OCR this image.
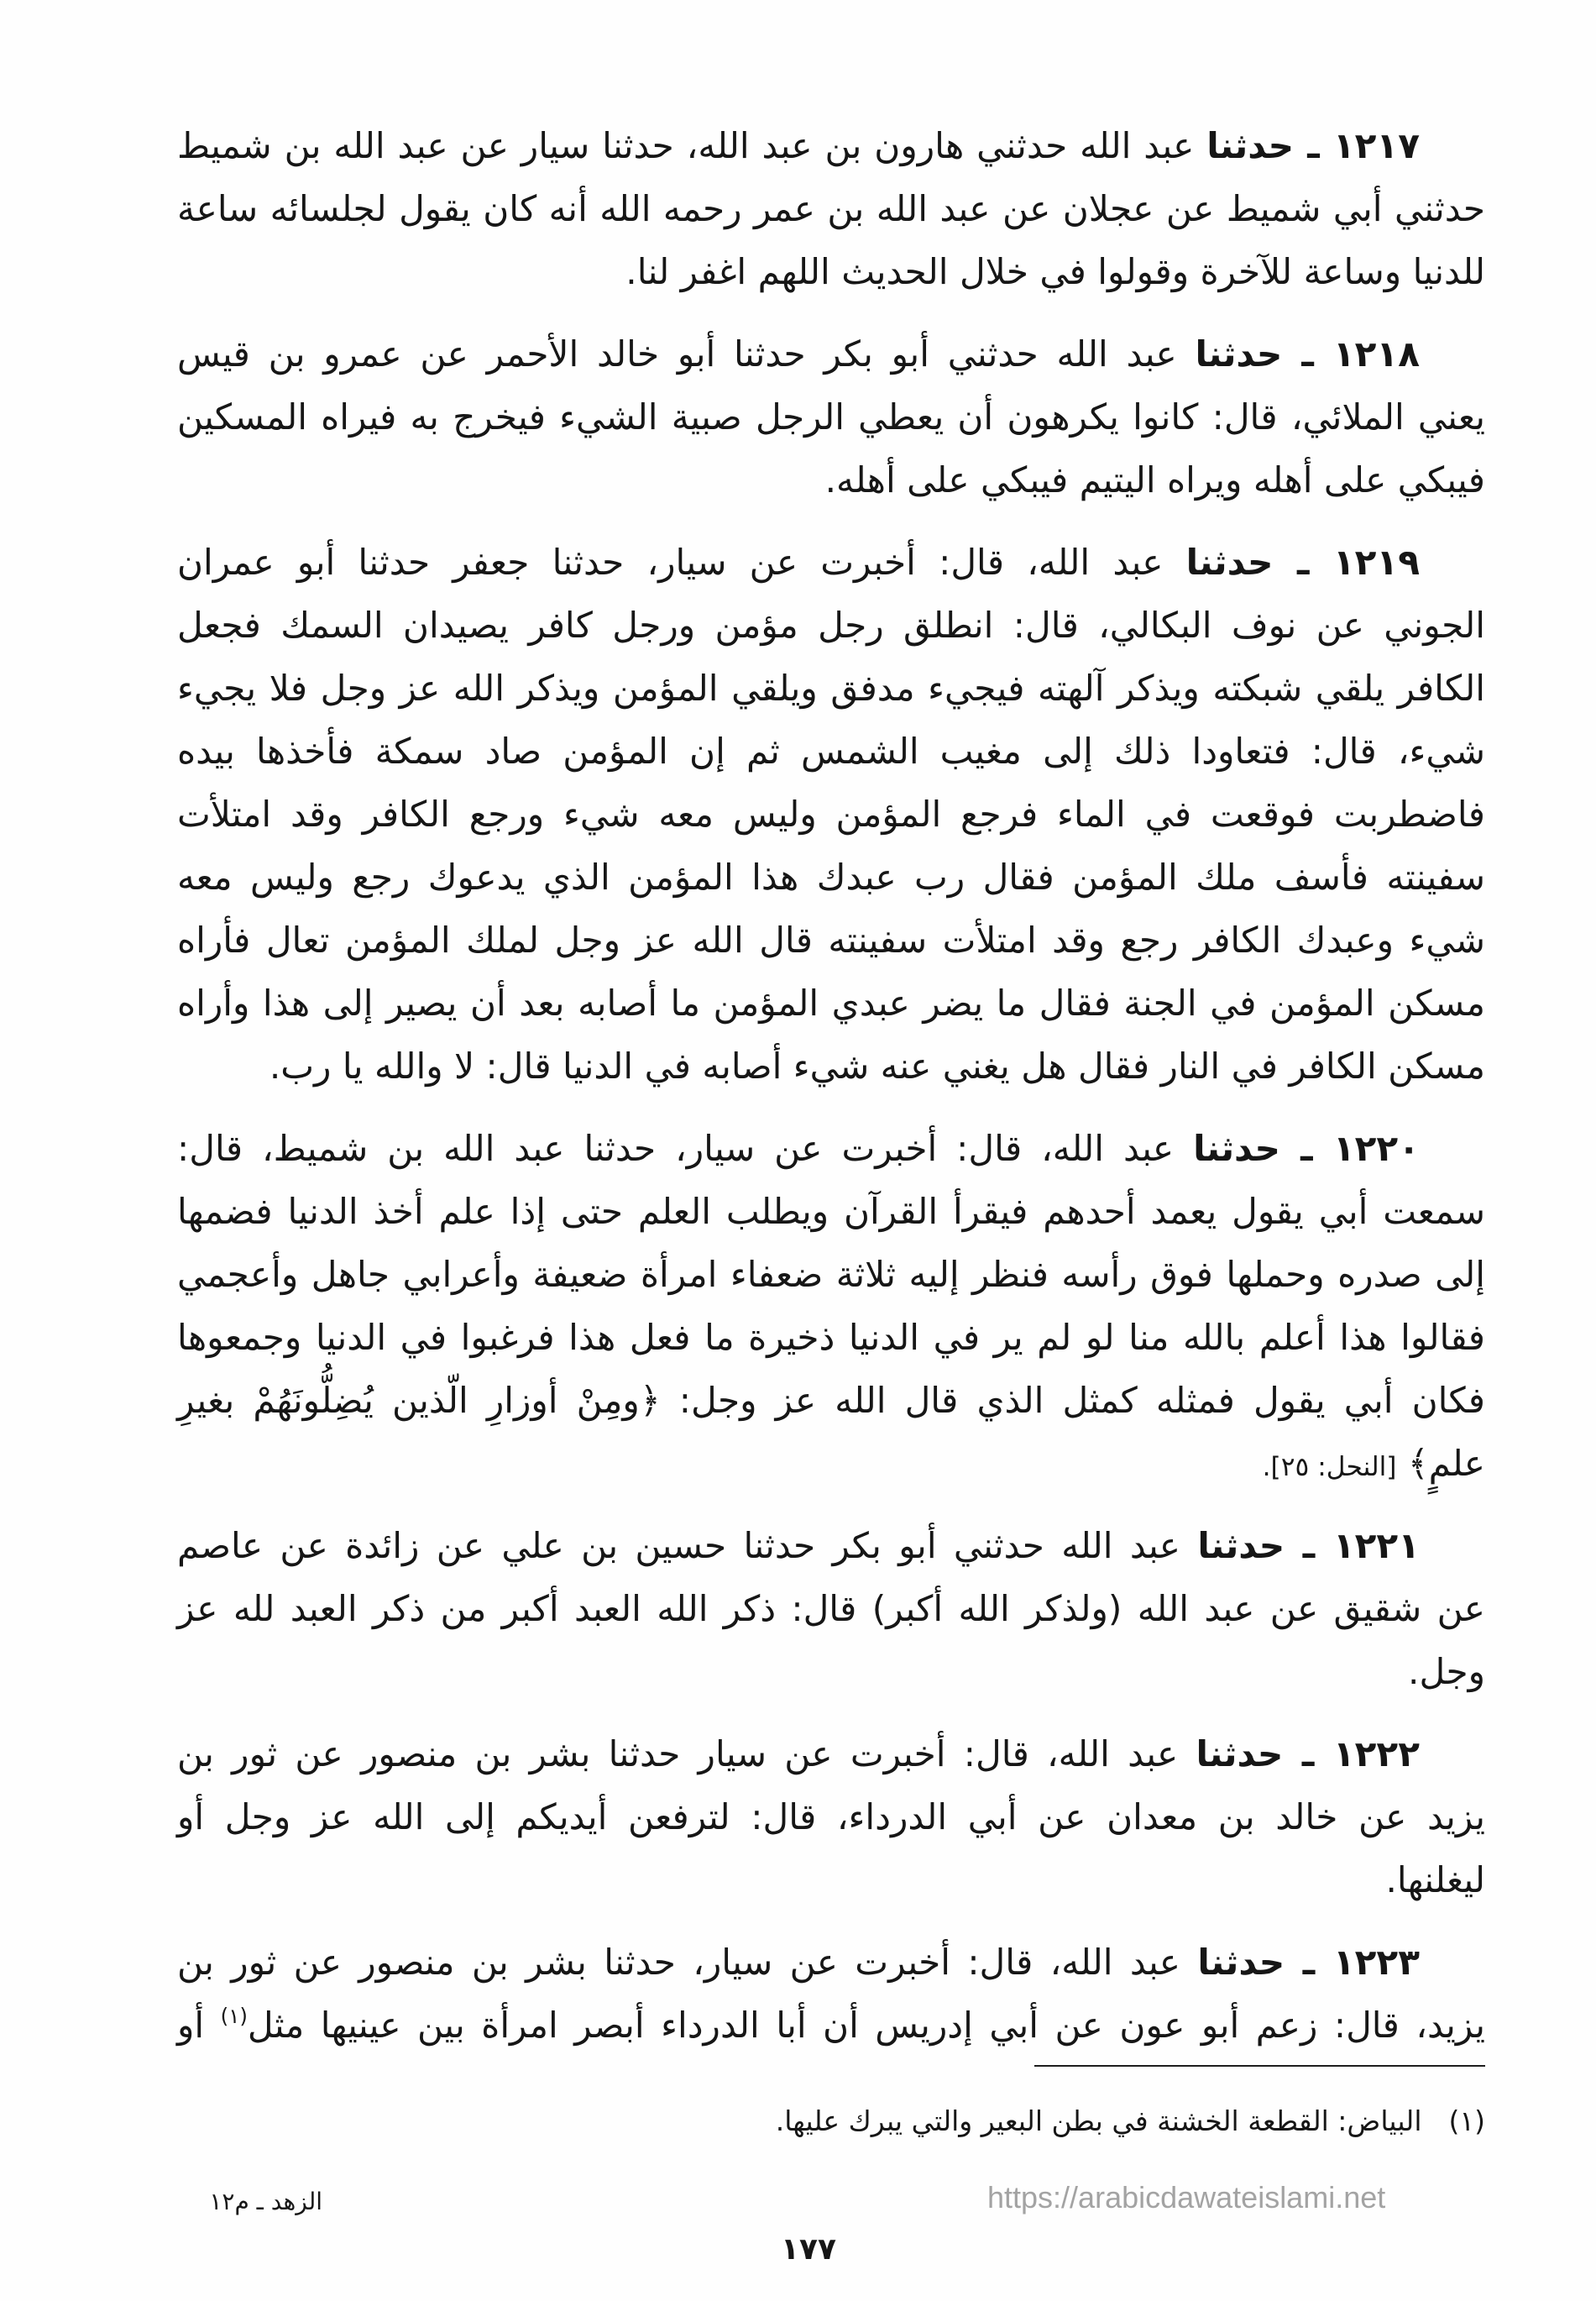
١٢١٧ ـ حدثنا عبد الله حدثني هارون بن عبد الله، حدثنا سيار عن عبد الله بن شميط
حدثني أبي شميط عن عجلان عن عبد الله بن عمر رحمه الله أنه كان يقول لجلسائه ساعة
للدنيا وساعة للآخرة وقولوا في خلال الحديث اللهم اغفر لنا.
١٢١٨ ـ حدثنا عبد الله حدثني أبو بكر حدثنا أبو خالد الأحمر عن عمرو بن قيس
يعني الملائي، قال: كانوا يكرهون أن يعطي الرجل صبية الشيء فيخرج به فيراه المسكين
فيبكي على أهله ويراه اليتيم فيبكي على أهله.
١٢١٩ ـ حدثنا عبد الله، قال: أخبرت عن سيار، حدثنا جعفر حدثنا أبو عمران
الجوني عن نوف البكالي، قال: انطلق رجل مؤمن ورجل كافر يصيدان السمك فجعل
الكافر يلقي شبكته ويذكر آلهته فيجيء مدفق ويلقي المؤمن ويذكر الله عز وجل فلا يجيء
شيء، قال: فتعاودا ذلك إلى مغيب الشمس ثم إن المؤمن صاد سمكة فأخذها بيده
فاضطربت فوقعت في الماء فرجع المؤمن وليس معه شيء ورجع الكافر وقد امتلأت
سفينته فأسف ملك المؤمن فقال رب عبدك هذا المؤمن الذي يدعوك رجع وليس معه
شيء وعبدك الكافر رجع وقد امتلأت سفينته قال الله عز وجل لملك المؤمن تعال فأراه
مسكن المؤمن في الجنة فقال ما يضر عبدي المؤمن ما أصابه بعد أن يصير إلى هذا وأراه
مسكن الكافر في النار فقال هل يغني عنه شيء أصابه في الدنيا قال: لا والله يا رب.
١٢٢٠ ـ حدثنا عبد الله، قال: أخبرت عن سيار، حدثنا عبد الله بن شميط، قال:
سمعت أبي يقول يعمد أحدهم فيقرأ القرآن ويطلب العلم حتى إذا علم أخذ الدنيا فضمها
إلى صدره وحملها فوق رأسه فنظر إليه ثلاثة ضعفاء امرأة ضعيفة وأعرابي جاهل وأعجمي
فقالوا هذا أعلم بالله منا لو لم ير في الدنيا ذخيرة ما فعل هذا فرغبوا في الدنيا وجمعوها
فكان أبي يقول فمثله كمثل الذي قال الله عز وجل: ﴿ومِنْ أوزارِ الّذين يُضِلُّونَهُمْ بغيرِ
علمٍ﴾ [النحل: ٢٥].
١٢٢١ ـ حدثنا عبد الله حدثني أبو بكر حدثنا حسين بن علي عن زائدة عن عاصم
عن شقيق عن عبد الله (ولذكر الله أكبر) قال: ذكر الله العبد أكبر من ذكر العبد لله عز
وجل.
١٢٢٢ ـ حدثنا عبد الله، قال: أخبرت عن سيار حدثنا بشر بن منصور عن ثور بن
يزيد عن خالد بن معدان عن أبي الدرداء، قال: لترفعن أيديكم إلى الله عز وجل أو
ليغلنها.
١٢٢٣ ـ حدثنا عبد الله، قال: أخبرت عن سيار، حدثنا بشر بن منصور عن ثور بن
يزيد، قال: زعم أبو عون عن أبي إدريس أن أبا الدرداء أبصر امرأة بين عينيها مثل$^{(١)}$ أو
(١)البياض: القطعة الخشنة في بطن البعير والتي يبرك عليها.
الزهد ـ م١٢	https://arabicdawateislami.net
١٧٧
